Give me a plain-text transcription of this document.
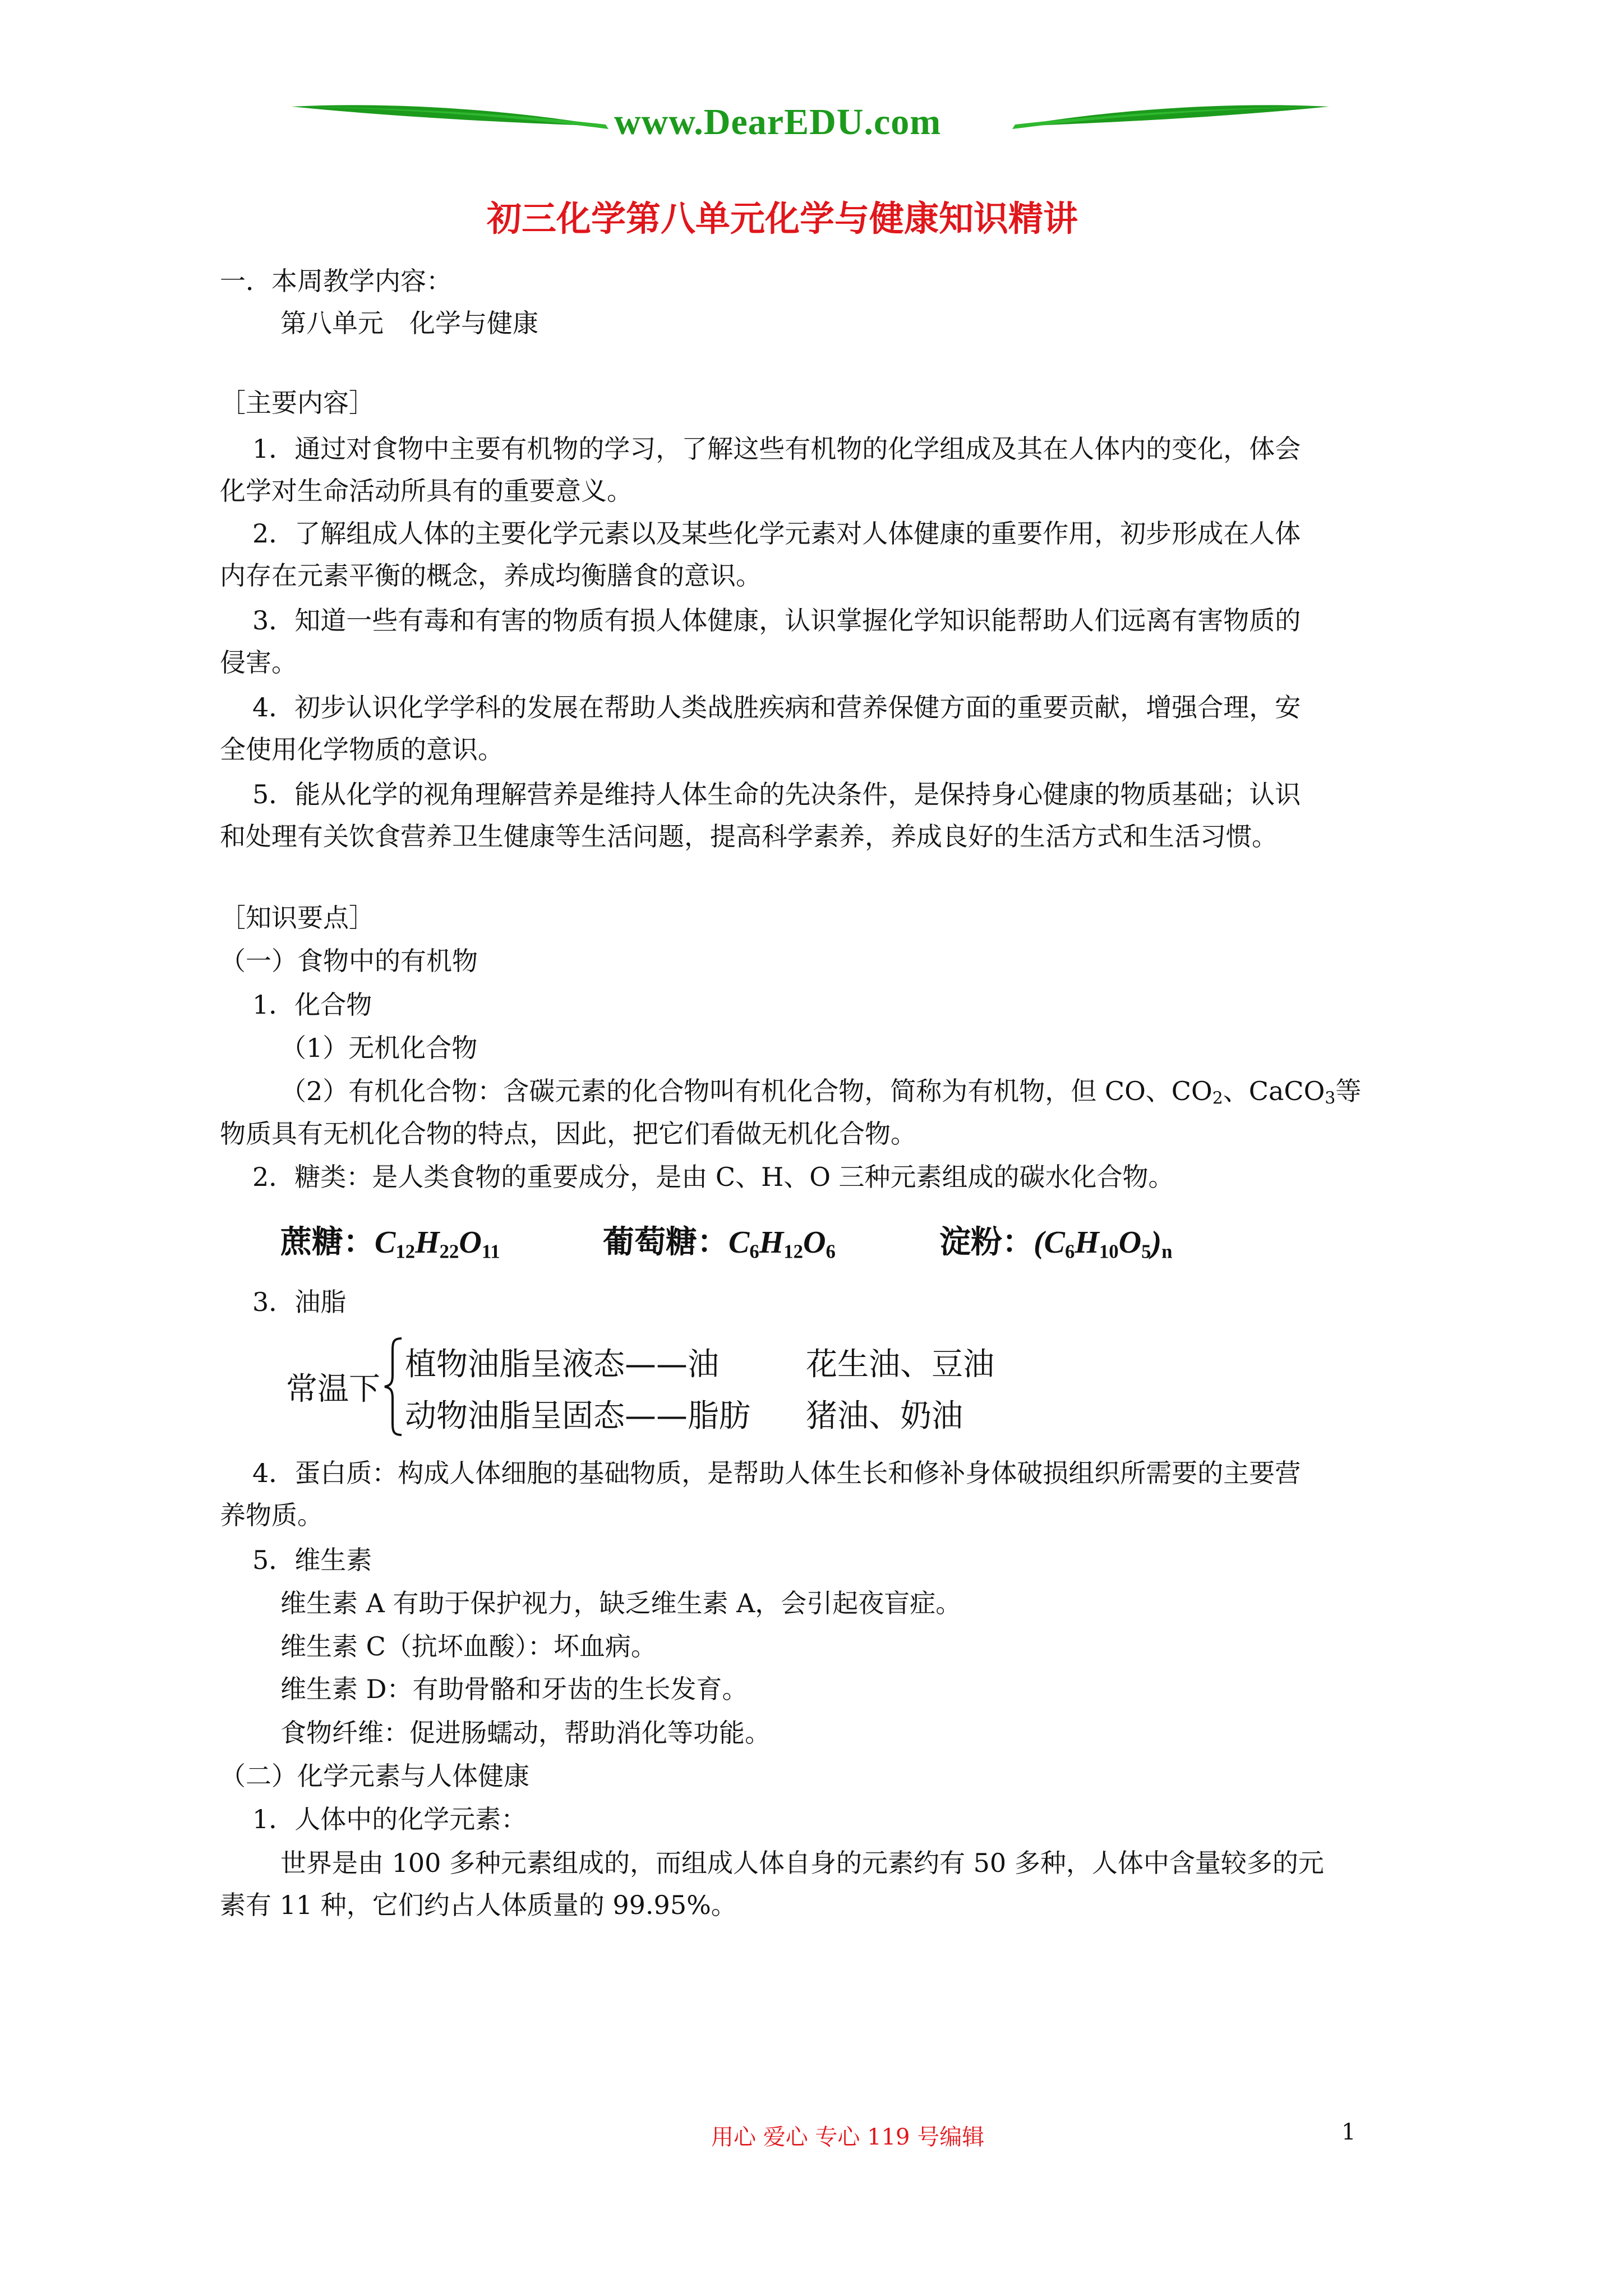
www.DearEDU.com
初三化学第八单元化学与健康知识精讲
一．本周教学内容：
第八单元　化学与健康
［主要内容］
1．通过对食物中主要有机物的学习，了解这些有机物的化学组成及其在人体内的变化，体会
化学对生命活动所具有的重要意义。
2．了解组成人体的主要化学元素以及某些化学元素对人体健康的重要作用，初步形成在人体
内存在元素平衡的概念，养成均衡膳食的意识。
3．知道一些有毒和有害的物质有损人体健康，认识掌握化学知识能帮助人们远离有害物质的
侵害。
4．初步认识化学学科的发展在帮助人类战胜疾病和营养保健方面的重要贡献，增强合理，安
全使用化学物质的意识。
5．能从化学的视角理解营养是维持人体生命的先决条件，是保持身心健康的物质基础；认识
和处理有关饮食营养卫生健康等生活问题，提高科学素养，养成良好的生活方式和生活习惯。
［知识要点］
（一）食物中的有机物
1．化合物
（1）无机化合物
（2）有机化合物：含碳元素的化合物叫有机化合物，简称为有机物，但 CO、CO2、CaCO3等
物质具有无机化合物的特点，因此，把它们看做无机化合物。
2．糖类：是人类食物的重要成分，是由 C、H、O 三种元素组成的碳水化合物。
蔗糖：$C_{12}H_{22}O_{11}$	葡萄糖：$C_6H_{12}O_6$	淀粉：$(C_6H_{10}O_5)_n$
3．油脂
常温下
植物油脂呈液态——油	花生油、豆油
动物油脂呈固态——脂肪 猪油、奶油
4．蛋白质：构成人体细胞的基础物质，是帮助人体生长和修补身体破损组织所需要的主要营
养物质。
5．维生素
维生素 A 有助于保护视力，缺乏维生素 A，会引起夜盲症。
维生素 C（抗坏血酸）：坏血病。
维生素 D：有助骨骼和牙齿的生长发育。
食物纤维：促进肠蠕动，帮助消化等功能。
（二）化学元素与人体健康
1．人体中的化学元素：
世界是由 100 多种元素组成的，而组成人体自身的元素约有 50 多种，人体中含量较多的元
素有 11 种，它们约占人体质量的 99.95%。
用心 爱心 专心 119 号编辑	1
